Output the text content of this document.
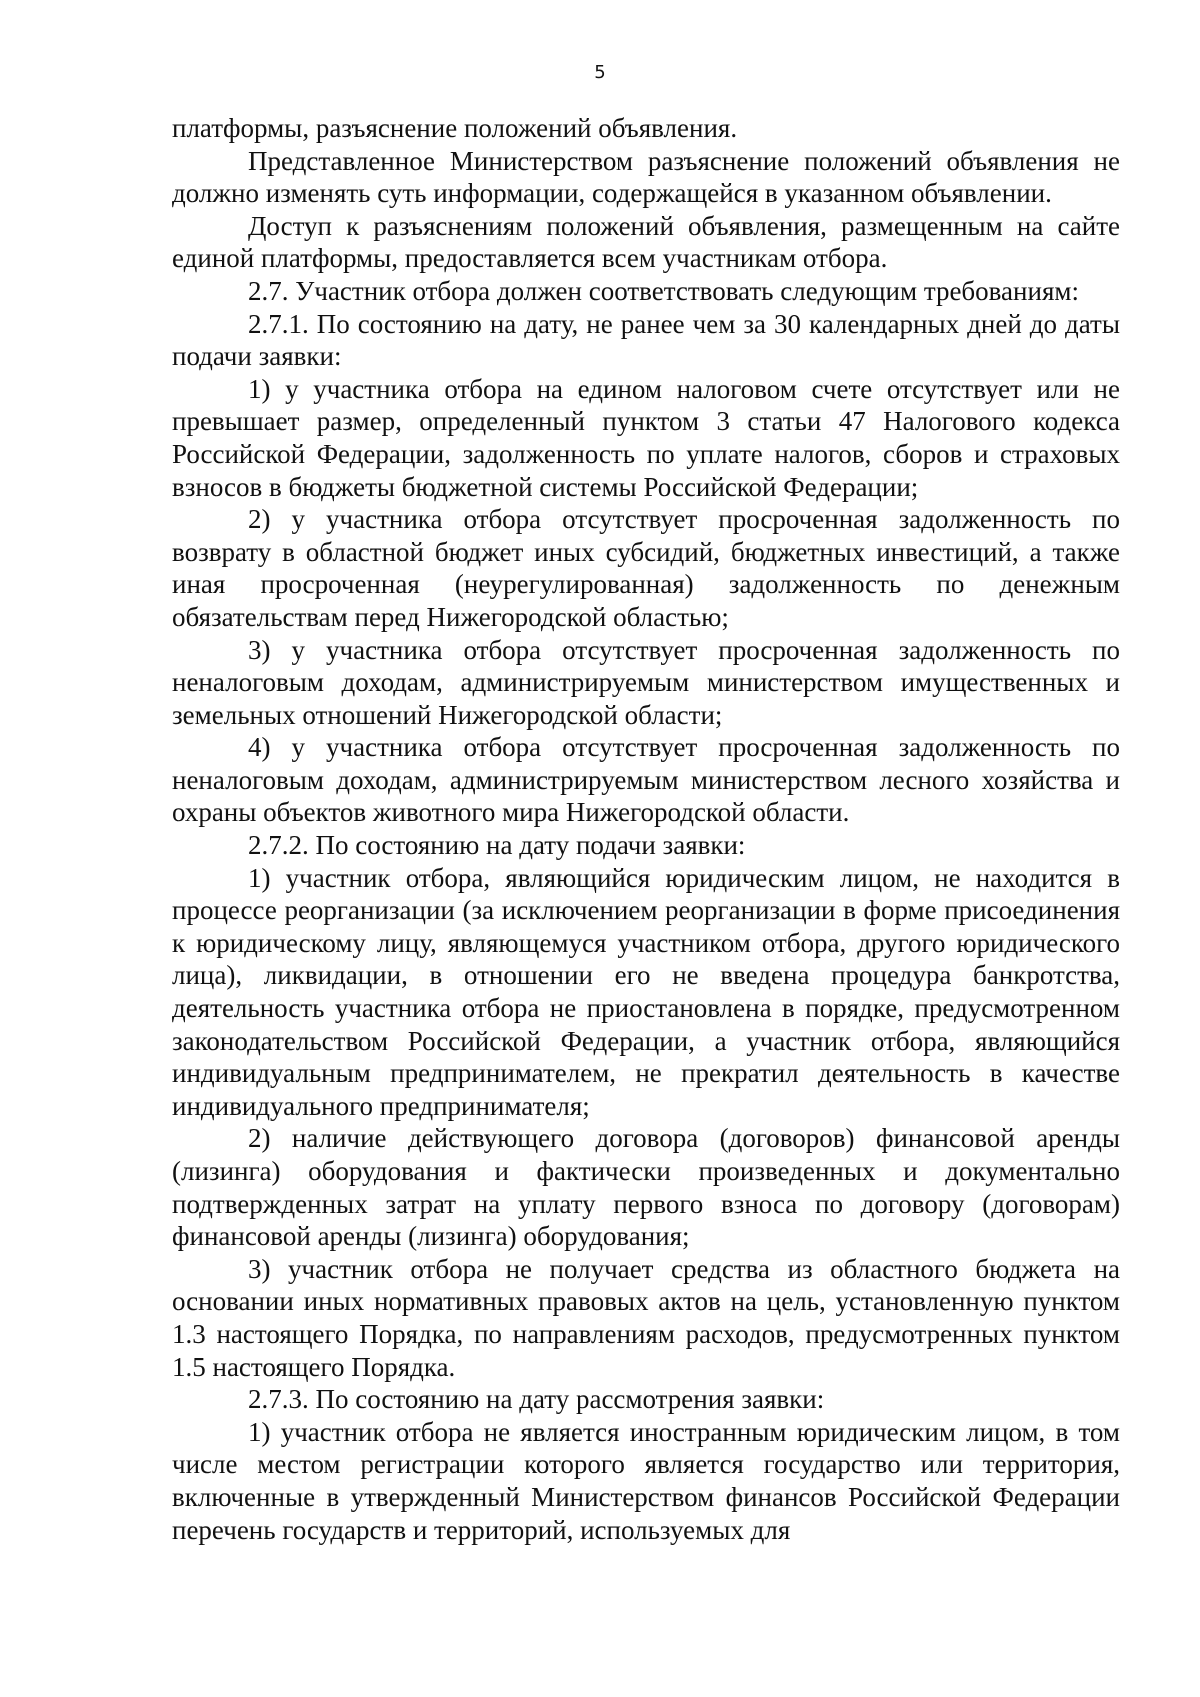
5

платформы, разъяснение положений объявления.

Представленное Министерством разъяснение положений объявления не должно изменять суть информации, содержащейся в указанном объявлении.

Доступ к разъяснениям положений объявления, размещенным на сайте единой платформы, предоставляется всем участникам отбора.

2.7. Участник отбора должен соответствовать следующим требованиям:

2.7.1. По состоянию на дату, не ранее чем за 30 календарных дней до даты подачи заявки:

1) у участника отбора на едином налоговом счете отсутствует или не превышает размер, определенный пунктом 3 статьи 47 Налогового кодекса Российской Федерации, задолженность по уплате налогов, сборов и страховых взносов в бюджеты бюджетной системы Российской Федерации;

2) у участника отбора отсутствует просроченная задолженность по возврату в областной бюджет иных субсидий, бюджетных инвестиций, а также иная просроченная (неурегулированная) задолженность по денежным обязательствам перед Нижегородской областью;

3) у участника отбора отсутствует просроченная задолженность по неналоговым доходам, администрируемым министерством имущественных и земельных отношений Нижегородской области;

4) у участника отбора отсутствует просроченная задолженность по неналоговым доходам, администрируемым министерством лесного хозяйства и охраны объектов животного мира Нижегородской области.

2.7.2. По состоянию на дату подачи заявки:

1) участник отбора, являющийся юридическим лицом, не находится в процессе реорганизации (за исключением реорганизации в форме присоединения к юридическому лицу, являющемуся участником отбора, другого юридического лица), ликвидации, в отношении его не введена процедура банкротства, деятельность участника отбора не приостановлена в порядке, предусмотренном законодательством Российской Федерации, а участник отбора, являющийся индивидуальным предпринимателем, не прекратил деятельность в качестве индивидуального предпринимателя;

2) наличие действующего договора (договоров) финансовой аренды (лизинга) оборудования и фактически произведенных и документально подтвержденных затрат на уплату первого взноса по договору (договорам) финансовой аренды (лизинга) оборудования;

3) участник отбора не получает средства из областного бюджета на основании иных нормативных правовых актов на цель, установленную пунктом 1.3 настоящего Порядка, по направлениям расходов, предусмотренных пунктом 1.5 настоящего Порядка.

2.7.3. По состоянию на дату рассмотрения заявки:

1) участник отбора не является иностранным юридическим лицом, в том числе местом регистрации которого является государство или территория, включенные в утвержденный Министерством финансов Российской Федерации перечень государств и территорий, используемых для
